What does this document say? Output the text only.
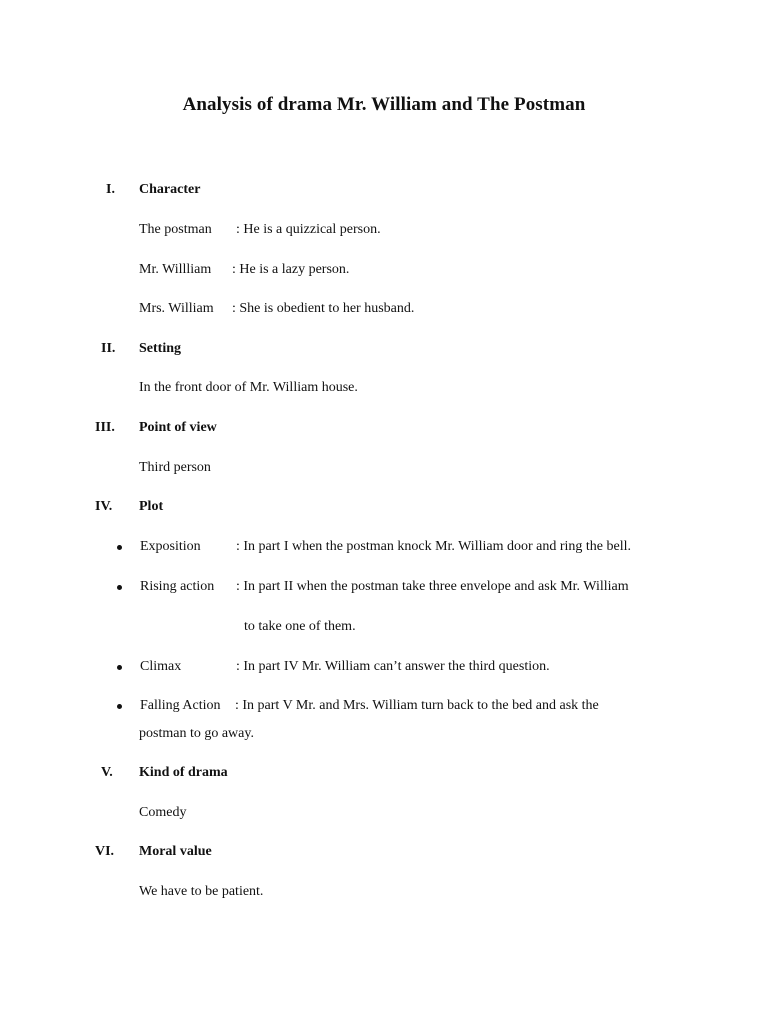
Analysis of drama Mr. William and The Postman
I. Character
The postman : He is a quizzical person.
Mr. Willliam : He is a lazy person.
Mrs. William : She is obedient to her husband.
II. Setting
In the front door of Mr. William house.
III. Point of view
Third person
IV. Plot
Exposition	: In part I when the postman knock Mr. William door and ring the bell.
Rising action : In part II when the postman take three envelope and ask Mr. William
to take one of them.
Climax	: In part IV Mr. William can’t answer the third question.
Falling Action : In part V Mr. and Mrs. William turn back to the bed and ask the
postman to go away.
V. Kind of drama
Comedy
VI. Moral value
We have to be patient.
